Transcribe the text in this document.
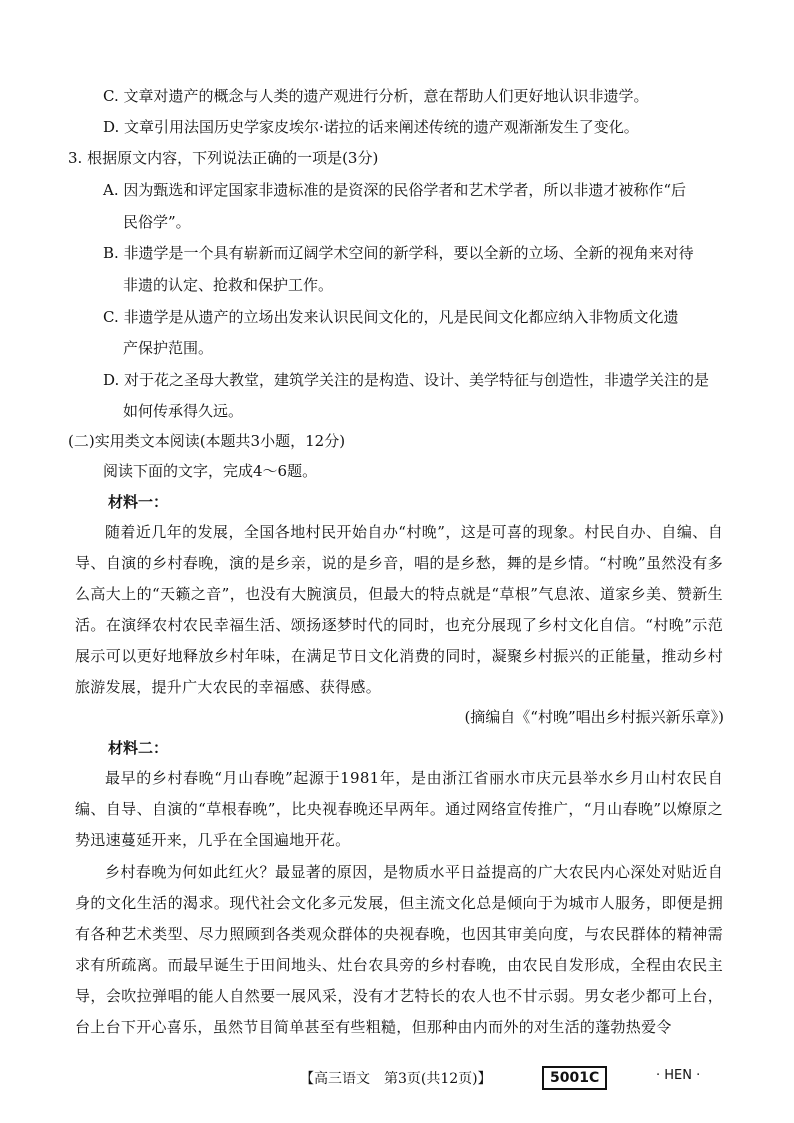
C. 文章对遗产的概念与人类的遗产观进行分析，意在帮助人们更好地认识非遗学。
D. 文章引用法国历史学家皮埃尔·诺拉的话来阐述传统的遗产观渐渐发生了变化。
3. 根据原文内容，下列说法正确的一项是(3分)
A. 因为甄选和评定国家非遗标准的是资深的民俗学者和艺术学者，所以非遗才被称作“后
民俗学”。
B. 非遗学是一个具有崭新而辽阔学术空间的新学科，要以全新的立场、全新的视角来对待
非遗的认定、抢救和保护工作。
C. 非遗学是从遗产的立场出发来认识民间文化的，凡是民间文化都应纳入非物质文化遗
产保护范围。
D. 对于花之圣母大教堂，建筑学关注的是构造、设计、美学特征与创造性，非遗学关注的是
如何传承得久远。
(二)实用类文本阅读(本题共3小题，12分)
阅读下面的文字，完成4～6题。
材料一：
随着近几年的发展，全国各地村民开始自办“村晚”，这是可喜的现象。村民自办、自编、自导、自演的乡村春晚，演的是乡亲，说的是乡音，唱的是乡愁，舞的是乡情。“村晚”虽然没有多么高大上的“天籁之音”，也没有大腕演员，但最大的特点就是“草根”气息浓、道家乡美、赞新生活。在演绎农村农民幸福生活、颂扬逐梦时代的同时，也充分展现了乡村文化自信。“村晚”示范展示可以更好地释放乡村年味，在满足节日文化消费的同时，凝聚乡村振兴的正能量，推动乡村旅游发展，提升广大农民的幸福感、获得感。
(摘编自《“村晚”唱出乡村振兴新乐章》)
材料二：
最早的乡村春晚“月山春晚”起源于1981年，是由浙江省丽水市庆元县举水乡月山村农民自编、自导、自演的“草根春晚”，比央视春晚还早两年。通过网络宣传推广，“月山春晚”以燎原之势迅速蔓延开来，几乎在全国遍地开花。
乡村春晚为何如此红火？最显著的原因，是物质水平日益提高的广大农民内心深处对贴近自身的文化生活的渴求。现代社会文化多元发展，但主流文化总是倾向于为城市人服务，即便是拥有各种艺术类型、尽力照顾到各类观众群体的央视春晚，也因其审美向度，与农民群体的精神需求有所疏离。而最早诞生于田间地头、灶台农具旁的乡村春晚，由农民自发形成，全程由农民主导，会吹拉弹唱的能人自然要一展风采，没有才艺特长的农人也不甘示弱。男女老少都可上台，台上台下开心喜乐，虽然节目简单甚至有些粗糙，但那种由内而外的对生活的蓬勃热爱令
【高三语文　第3页(共12页)】	5001C	· HEN ·
